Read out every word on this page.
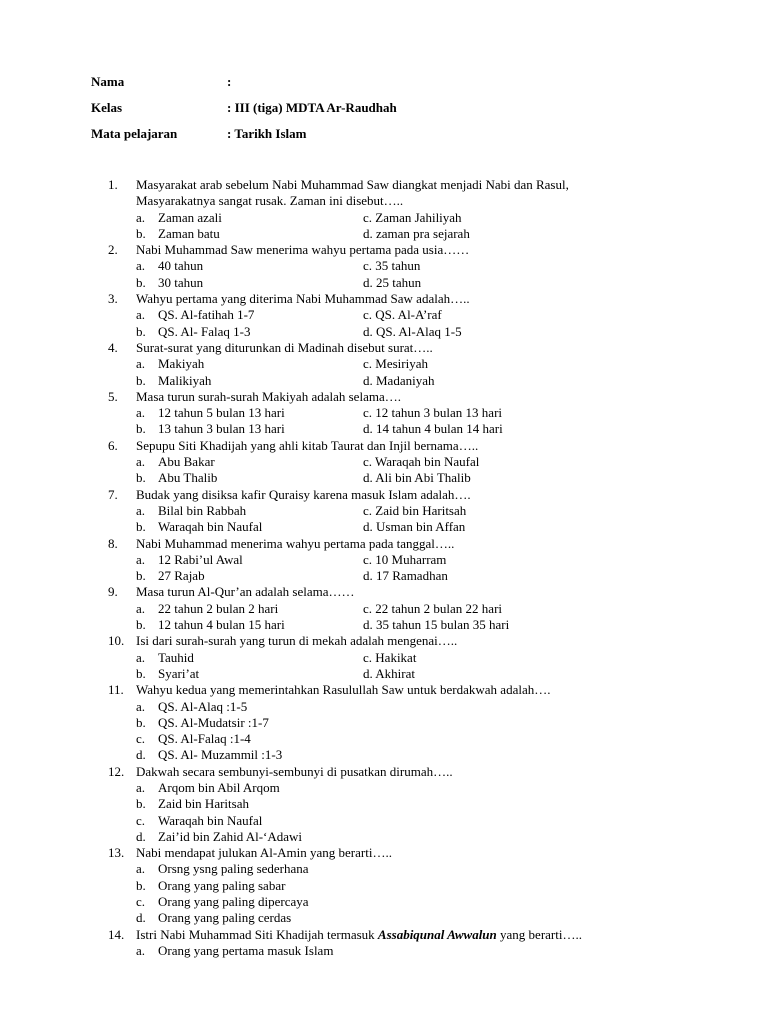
Nama	:
Kelas	: III (tiga) MDTA Ar-Raudhah
Mata pelajaran	: Tarikh Islam
1.	Masyarakat arab sebelum Nabi Muhammad Saw diangkat menjadi Nabi dan Rasul,
Masyarakatnya sangat rusak. Zaman ini disebut…..
a. Zaman azali	c. Zaman Jahiliyah
b. Zaman batu	d. zaman pra sejarah
2.	Nabi Muhammad Saw menerima wahyu pertama pada usia……
a. 40 tahun	c. 35 tahun
b. 30 tahun	d. 25 tahun
3.	Wahyu pertama yang diterima Nabi Muhammad Saw adalah…..
a. QS. Al-fatihah 1-7	c. QS. Al-A’raf
b. QS. Al- Falaq 1-3	d. QS. Al-Alaq 1-5
4.	Surat-surat yang diturunkan di Madinah disebut surat…..
a. Makiyah	c. Mesiriyah
b. Malikiyah	d. Madaniyah
5.	Masa turun surah-surah Makiyah adalah selama….
a. 12 tahun 5 bulan 13 hari	c. 12 tahun 3 bulan 13 hari
b. 13 tahun 3 bulan 13 hari	d. 14 tahun 4 bulan 14 hari
6.	Sepupu Siti Khadijah yang ahli kitab Taurat dan Injil bernama…..
a. Abu Bakar	c. Waraqah bin Naufal
b. Abu Thalib	d. Ali bin Abi Thalib
7.	Budak yang disiksa kafir Quraisy karena masuk Islam adalah….
a. Bilal bin Rabbah	c. Zaid bin Haritsah
b. Waraqah bin Naufal	d. Usman bin Affan
8.	Nabi Muhammad menerima wahyu pertama pada tanggal…..
a. 12 Rabi’ul Awal	c. 10 Muharram
b. 27 Rajab	d. 17 Ramadhan
9.	Masa turun Al-Qur’an adalah selama……
a. 22 tahun 2 bulan 2 hari	c. 22 tahun 2 bulan 22 hari
b. 12 tahun 4 bulan 15 hari	d. 35 tahun 15 bulan 35 hari
10. Isi dari surah-surah yang turun di mekah adalah mengenai…..
a. Tauhid	c. Hakikat
b. Syari’at	d. Akhirat
11. Wahyu kedua yang memerintahkan Rasulullah Saw untuk berdakwah adalah….
a. QS. Al-Alaq :1-5
b. QS. Al-Mudatsir :1-7
c. QS. Al-Falaq :1-4
d. QS. Al- Muzammil :1-3
12. Dakwah secara sembunyi-sembunyi di pusatkan dirumah…..
a. Arqom bin Abil Arqom
b. Zaid bin Haritsah
c. Waraqah bin Naufal
d. Zai’id bin Zahid Al-‘Adawi
13. Nabi mendapat julukan Al-Amin yang berarti…..
a. Orsng ysng paling sederhana
b. Orang yang paling sabar
c. Orang yang paling dipercaya
d. Orang yang paling cerdas
14. Istri Nabi Muhammad Siti Khadijah termasuk Assabiqunal Awwalun yang berarti…..
a. Orang yang pertama masuk Islam
